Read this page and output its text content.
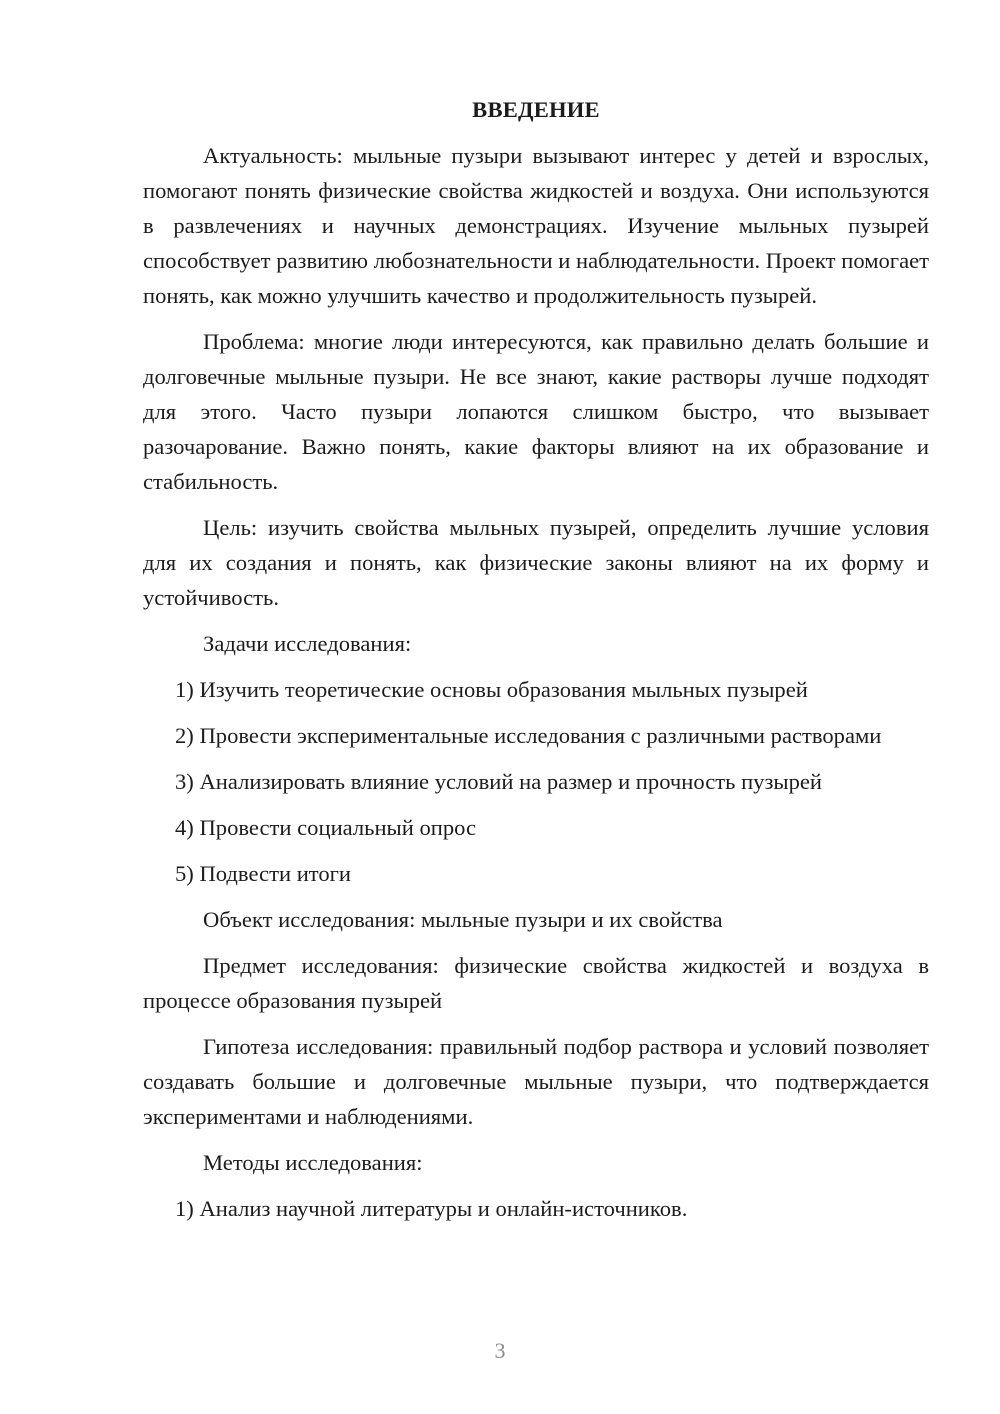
ВВЕДЕНИЕ

Актуальность: мыльные пузыри вызывают интерес у детей и взрослых, помогают понять физические свойства жидкостей и воздуха. Они используются в развлечениях и научных демонстрациях. Изучение мыльных пузырей способствует развитию любознательности и наблюдательности. Проект помогает понять, как можно улучшить качество и продолжительность пузырей.

Проблема: многие люди интересуются, как правильно делать большие и долговечные мыльные пузыри. Не все знают, какие растворы лучше подходят для этого. Часто пузыри лопаются слишком быстро, что вызывает разочарование. Важно понять, какие факторы влияют на их образование и стабильность.

Цель: изучить свойства мыльных пузырей, определить лучшие условия для их создания и понять, как физические законы влияют на их форму и устойчивость.

Задачи исследования:

1) Изучить теоретические основы образования мыльных пузырей

2) Провести экспериментальные исследования с различными растворами

3) Анализировать влияние условий на размер и прочность пузырей

4) Провести социальный опрос

5) Подвести итоги

Объект исследования: мыльные пузыри и их свойства

Предмет исследования: физические свойства жидкостей и воздуха в процессе образования пузырей

Гипотеза исследования: правильный подбор раствора и условий позволяет создавать большие и долговечные мыльные пузыри, что подтверждается экспериментами и наблюдениями.

Методы исследования:

1) Анализ научной литературы и онлайн-источников.

3
